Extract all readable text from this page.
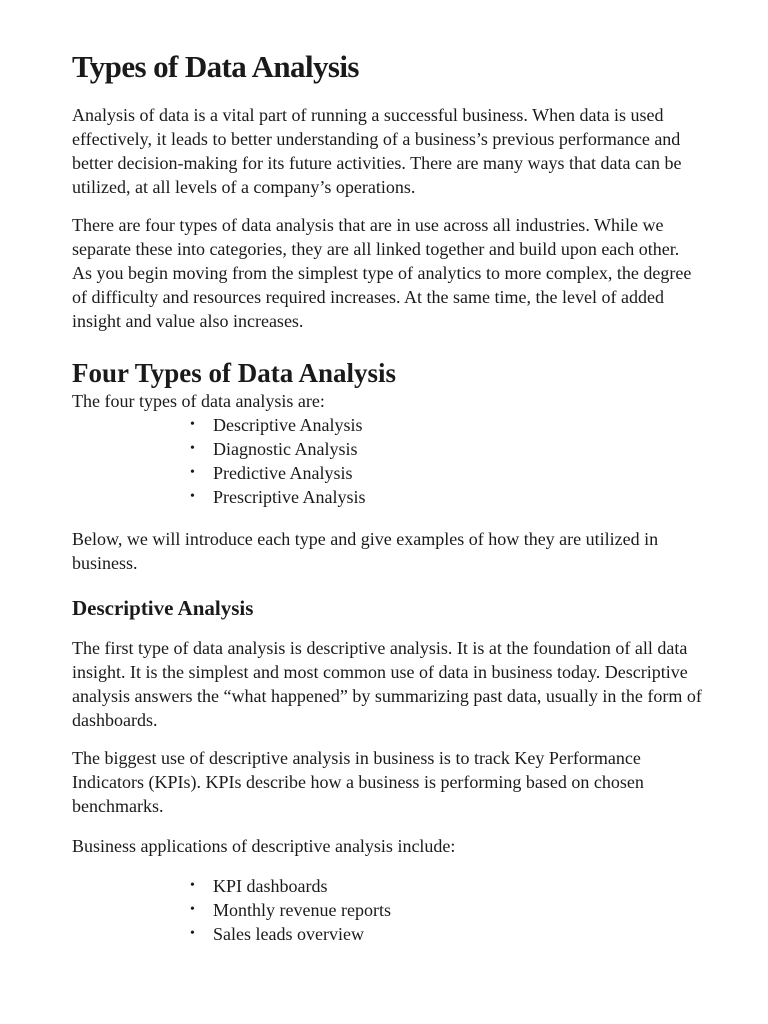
Types of Data Analysis

Analysis of data is a vital part of running a successful business. When data is used effectively, it leads to better understanding of a business’s previous performance and better decision-making for its future activities. There are many ways that data can be utilized, at all levels of a company’s operations.

There are four types of data analysis that are in use across all industries. While we separate these into categories, they are all linked together and build upon each other. As you begin moving from the simplest type of analytics to more complex, the degree of difficulty and resources required increases. At the same time, the level of added insight and value also increases.

Four Types of Data Analysis

The four types of data analysis are:

• Descriptive Analysis
• Diagnostic Analysis
• Predictive Analysis
• Prescriptive Analysis

Below, we will introduce each type and give examples of how they are utilized in business.

Descriptive Analysis

The first type of data analysis is descriptive analysis. It is at the foundation of all data insight. It is the simplest and most common use of data in business today. Descriptive analysis answers the “what happened” by summarizing past data, usually in the form of dashboards.

The biggest use of descriptive analysis in business is to track Key Performance Indicators (KPIs). KPIs describe how a business is performing based on chosen benchmarks.

Business applications of descriptive analysis include:

• KPI dashboards
• Monthly revenue reports
• Sales leads overview
